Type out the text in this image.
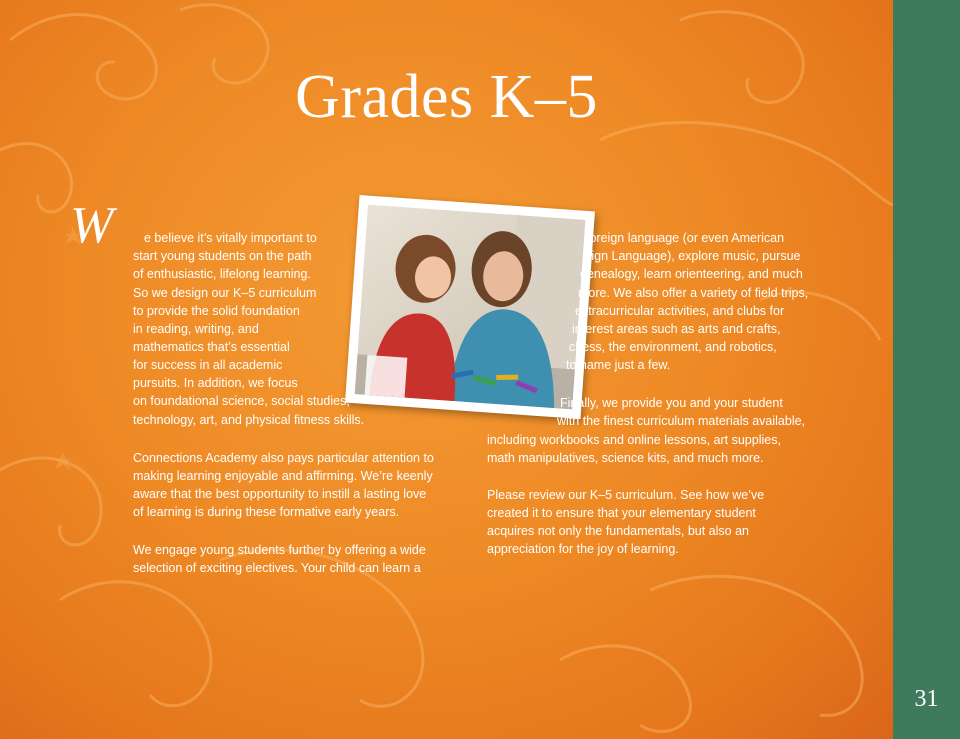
Grades K–5
W e believe it’s vitally important to
start young students on the path
of enthusiastic, lifelong learning.
So we design our K–5 curriculum
to provide the solid foundation
in reading, writing, and
mathematics that’s essential
for success in all academic
pursuits. In addition, we focus
on foundational science, social studies,
technology, art, and physical fitness skills.
Connections Academy also pays particular attention to
making learning enjoyable and affirming. We’re keenly
aware that the best opportunity to instill a lasting love
of learning is during these formative early years.
We engage young students further by offering a wide
selection of exciting electives. Your child can learn a
foreign language (or even American
Sign Language), explore music, pursue
genealogy, learn orienteering, and much
more. We also offer a variety of field trips,
extracurricular activities, and clubs for
interest areas such as arts and crafts,
chess, the environment, and robotics,
to name just a few.
Finally, we provide you and your student
with the finest curriculum materials available,
including workbooks and online lessons, art supplies,
math manipulatives, science kits, and much more.
Please review our K–5 curriculum. See how we’ve
created it to ensure that your elementary student
acquires not only the fundamentals, but also an
appreciation for the joy of learning.
31
